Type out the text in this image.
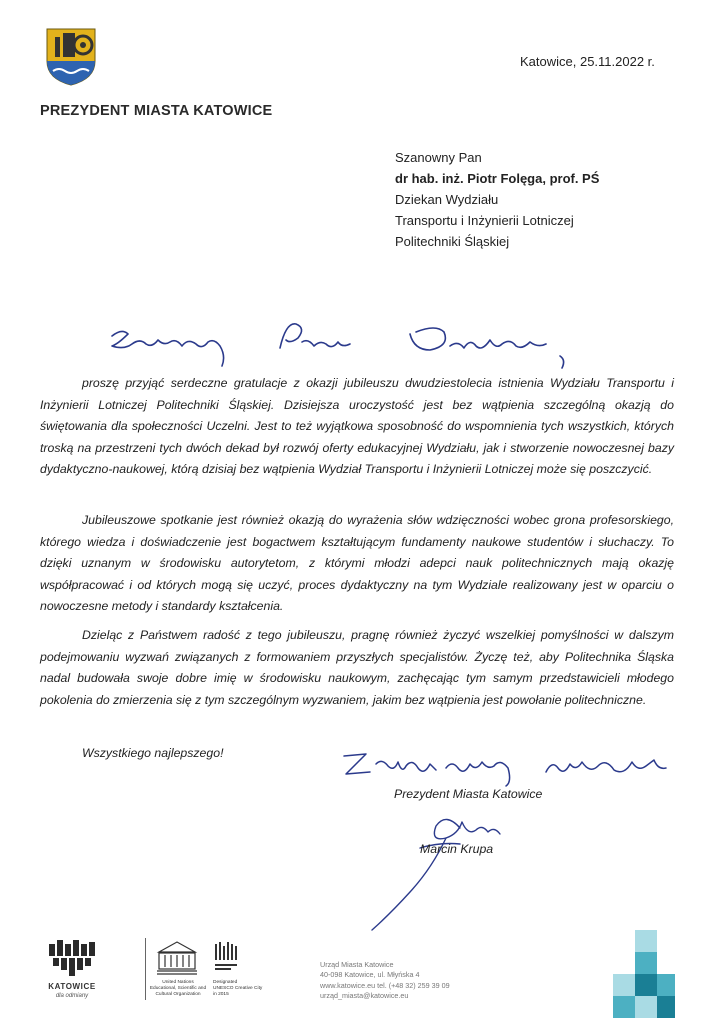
Katowice, 25.11.2022 r.
PREZYDENT MIASTA KATOWICE
Szanowny Pan
dr hab. inż. Piotr Folęga, prof. PŚ
Dziekan Wydziału
Transportu i Inżynierii Lotniczej
Politechniki Śląskiej
Szanowny Panie Dziekanie,
proszę przyjąć serdeczne gratulacje z okazji jubileuszu dwudziestolecia istnienia Wydziału Transportu i Inżynierii Lotniczej Politechniki Śląskiej. Dzisiejsza uroczystość jest bez wątpienia szczególną okazją do świętowania dla społeczności Uczelni. Jest to też wyjątkowa sposobność do wspomnienia tych wszystkich, których troską na przestrzeni tych dwóch dekad był rozwój oferty edukacyjnej Wydziału, jak i stworzenie nowoczesnej bazy dydaktyczno-naukowej, którą dzisiaj bez wątpienia Wydział Transportu i Inżynierii Lotniczej może się poszczycić.
Jubileuszowe spotkanie jest również okazją do wyrażenia słów wdzięczności wobec grona profesorskiego, którego wiedza i doświadczenie jest bogactwem kształtującym fundamenty naukowe studentów i słuchaczy. To dzięki uznanym w środowisku autorytetom, z którymi młodzi adepci nauk politechnicznych mają okazję współpracować i od których mogą się uczyć, proces dydaktyczny na tym Wydziale realizowany jest w oparciu o nowoczesne metody i standardy kształcenia.
Dzieląc z Państwem radość z tego jubileuszu, pragnę również życzyć wszelkiej pomyślności w dalszym podejmowaniu wyzwań związanych z formowaniem przyszłych specjalistów. Życzę też, aby Politechnika Śląska nadal budowała swoje dobre imię w środowisku naukowym, zachęcając tym samym przedstawicieli młodego pokolenia do zmierzenia się z tym szczególnym wyzwaniem, jakim bez wątpienia jest powołanie politechniczne.
Wszystkiego najlepszego!
Z poważaniem
Prezydent Miasta Katowice
Marcin Krupa
KATOWICE
dla odmiany
United Nations
Educational, Scientific and
Cultural Organization
Designated
UNESCO Creative City
in 2015
Urząd Miasta Katowice
40-098 Katowice, ul. Młyńska 4
www.katowice.eu tel. (+48 32) 259 39 09
urząd_miasta@katowice.eu
